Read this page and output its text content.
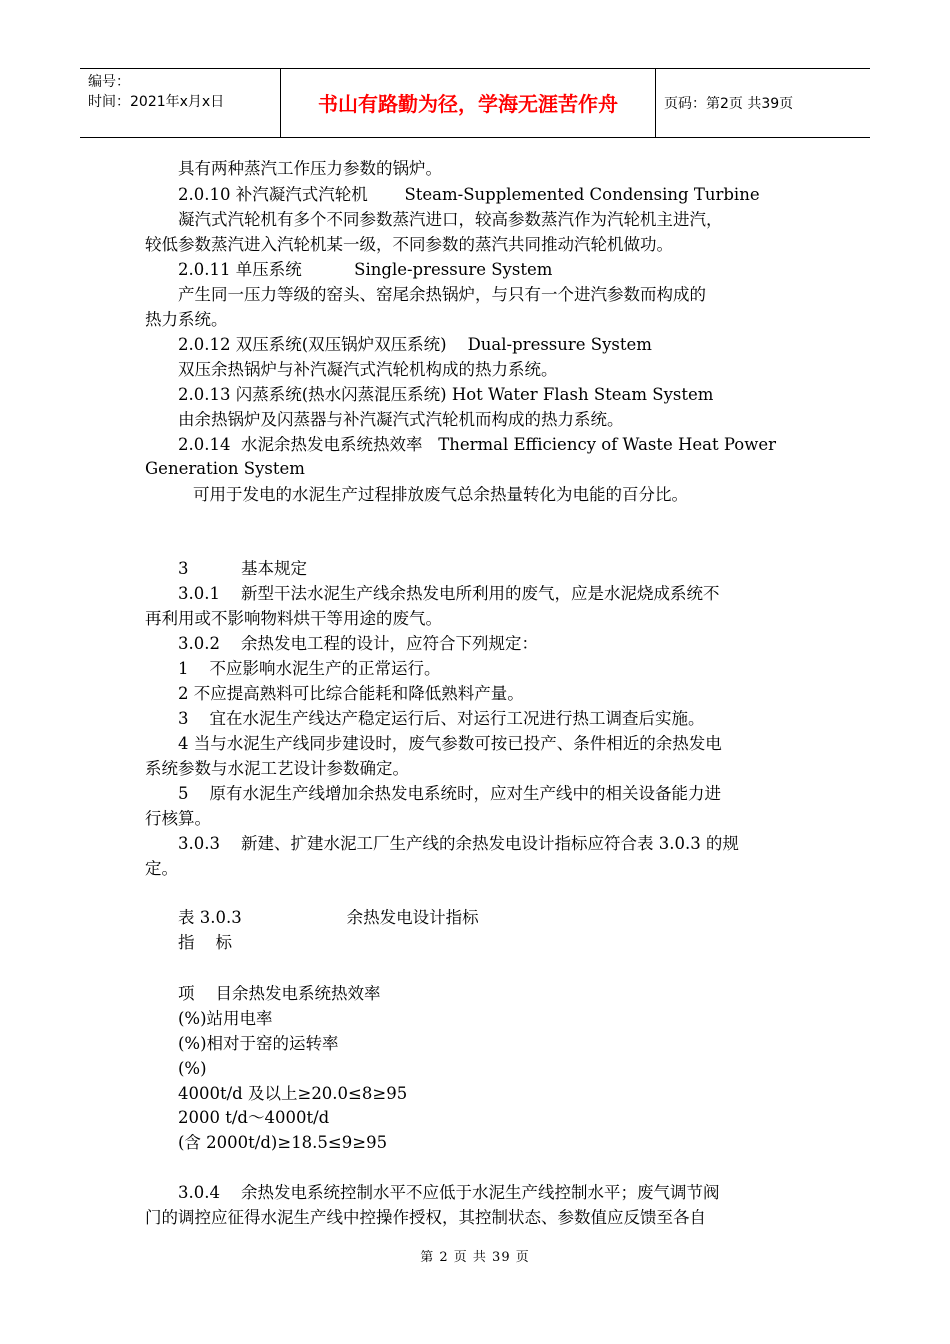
编号：
时间：2021年x月x日	书山有路勤为径，学海无涯苦作舟	页码：第2页 共39页
具有两种蒸汽工作压力参数的锅炉。
2.0.10 补汽凝汽式汽轮机       Steam-Supplemented Condensing Turbine
凝汽式汽轮机有多个不同参数蒸汽进口，较高参数蒸汽作为汽轮机主进汽，
较低参数蒸汽进入汽轮机某一级，不同参数的蒸汽共同推动汽轮机做功。
2.0.11 单压系统          Single-pressure System
产生同一压力等级的窑头、窑尾余热锅炉，与只有一个进汽参数而构成的
热力系统。
2.0.12 双压系统(双压锅炉双压系统)    Dual-pressure System
双压余热锅炉与补汽凝汽式汽轮机构成的热力系统。
2.0.13 闪蒸系统(热水闪蒸混压系统) Hot Water Flash Steam System
由余热锅炉及闪蒸器与补汽凝汽式汽轮机而构成的热力系统。
2.0.14  水泥余热发电系统热效率   Thermal Efficiency of Waste Heat Power
Generation System
可用于发电的水泥生产过程排放废气总余热量转化为电能的百分比。
3          基本规定
3.0.1    新型干法水泥生产线余热发电所利用的废气，应是水泥烧成系统不
再利用或不影响物料烘干等用途的废气。
3.0.2    余热发电工程的设计，应符合下列规定：
1    不应影响水泥生产的正常运行。
2 不应提高熟料可比综合能耗和降低熟料产量。
3    宜在水泥生产线达产稳定运行后、对运行工况进行热工调查后实施。
4 当与水泥生产线同步建设时，废气参数可按已投产、条件相近的余热发电
系统参数与水泥工艺设计参数确定。
5    原有水泥生产线增加余热发电系统时，应对生产线中的相关设备能力进
行核算。
3.0.3    新建、扩建水泥工厂生产线的余热发电设计指标应符合表 3.0.3 的规
定。
表 3.0.3                    余热发电设计指标
指    标
项    目余热发电系统热效率
(%)站用电率
(%)相对于窑的运转率
(%)
4000t/d 及以上≥20.0≤8≥95
2000 t/d～4000t/d
(含 2000t/d)≥18.5≤9≥95
3.0.4    余热发电系统控制水平不应低于水泥生产线控制水平；废气调节阀
门的调控应征得水泥生产线中控操作授权，其控制状态、参数值应反馈至各自
第 2 页 共 39 页
